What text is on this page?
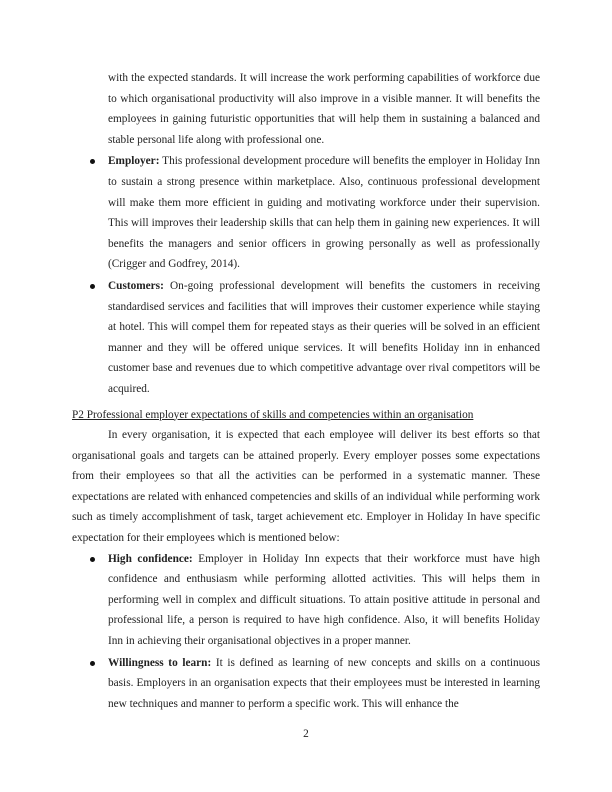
with the expected standards. It will increase the work performing capabilities of workforce due to which organisational productivity will also improve in a visible manner. It will benefits the employees in gaining futuristic opportunities that will help them in sustaining a balanced and stable personal life along with professional one.

Employer: This professional development procedure will benefits the employer in Holiday Inn to sustain a strong presence within marketplace. Also, continuous professional development will make them more efficient in guiding and motivating workforce under their supervision. This will improves their leadership skills that can help them in gaining new experiences. It will benefits the managers and senior officers in growing personally as well as professionally (Crigger and Godfrey, 2014).

Customers: On-going professional development will benefits the customers in receiving standardised services and facilities that will improves their customer experience while staying at hotel. This will compel them for repeated stays as their queries will be solved in an efficient manner and they will be offered unique services. It will benefits Holiday inn in enhanced customer base and revenues due to which competitive advantage over rival competitors will be acquired.

P2 Professional employer expectations of skills and competencies within an organisation

In every organisation, it is expected that each employee will deliver its best efforts so that organisational goals and targets can be attained properly. Every employer posses some expectations from their employees so that all the activities can be performed in a systematic manner. These expectations are related with enhanced competencies and skills of an individual while performing work such as timely accomplishment of task, target achievement etc. Employer in Holiday In have specific expectation for their employees which is mentioned below:

High confidence: Employer in Holiday Inn expects that their workforce must have high confidence and enthusiasm while performing allotted activities. This will helps them in performing well in complex and difficult situations. To attain positive attitude in personal and professional life, a person is required to have high confidence. Also, it will benefits Holiday Inn in achieving their organisational objectives in a proper manner.

Willingness to learn: It is defined as learning of new concepts and skills on a continuous basis. Employers in an organisation expects that their employees must be interested in learning new techniques and manner to perform a specific work. This will enhance the

2
